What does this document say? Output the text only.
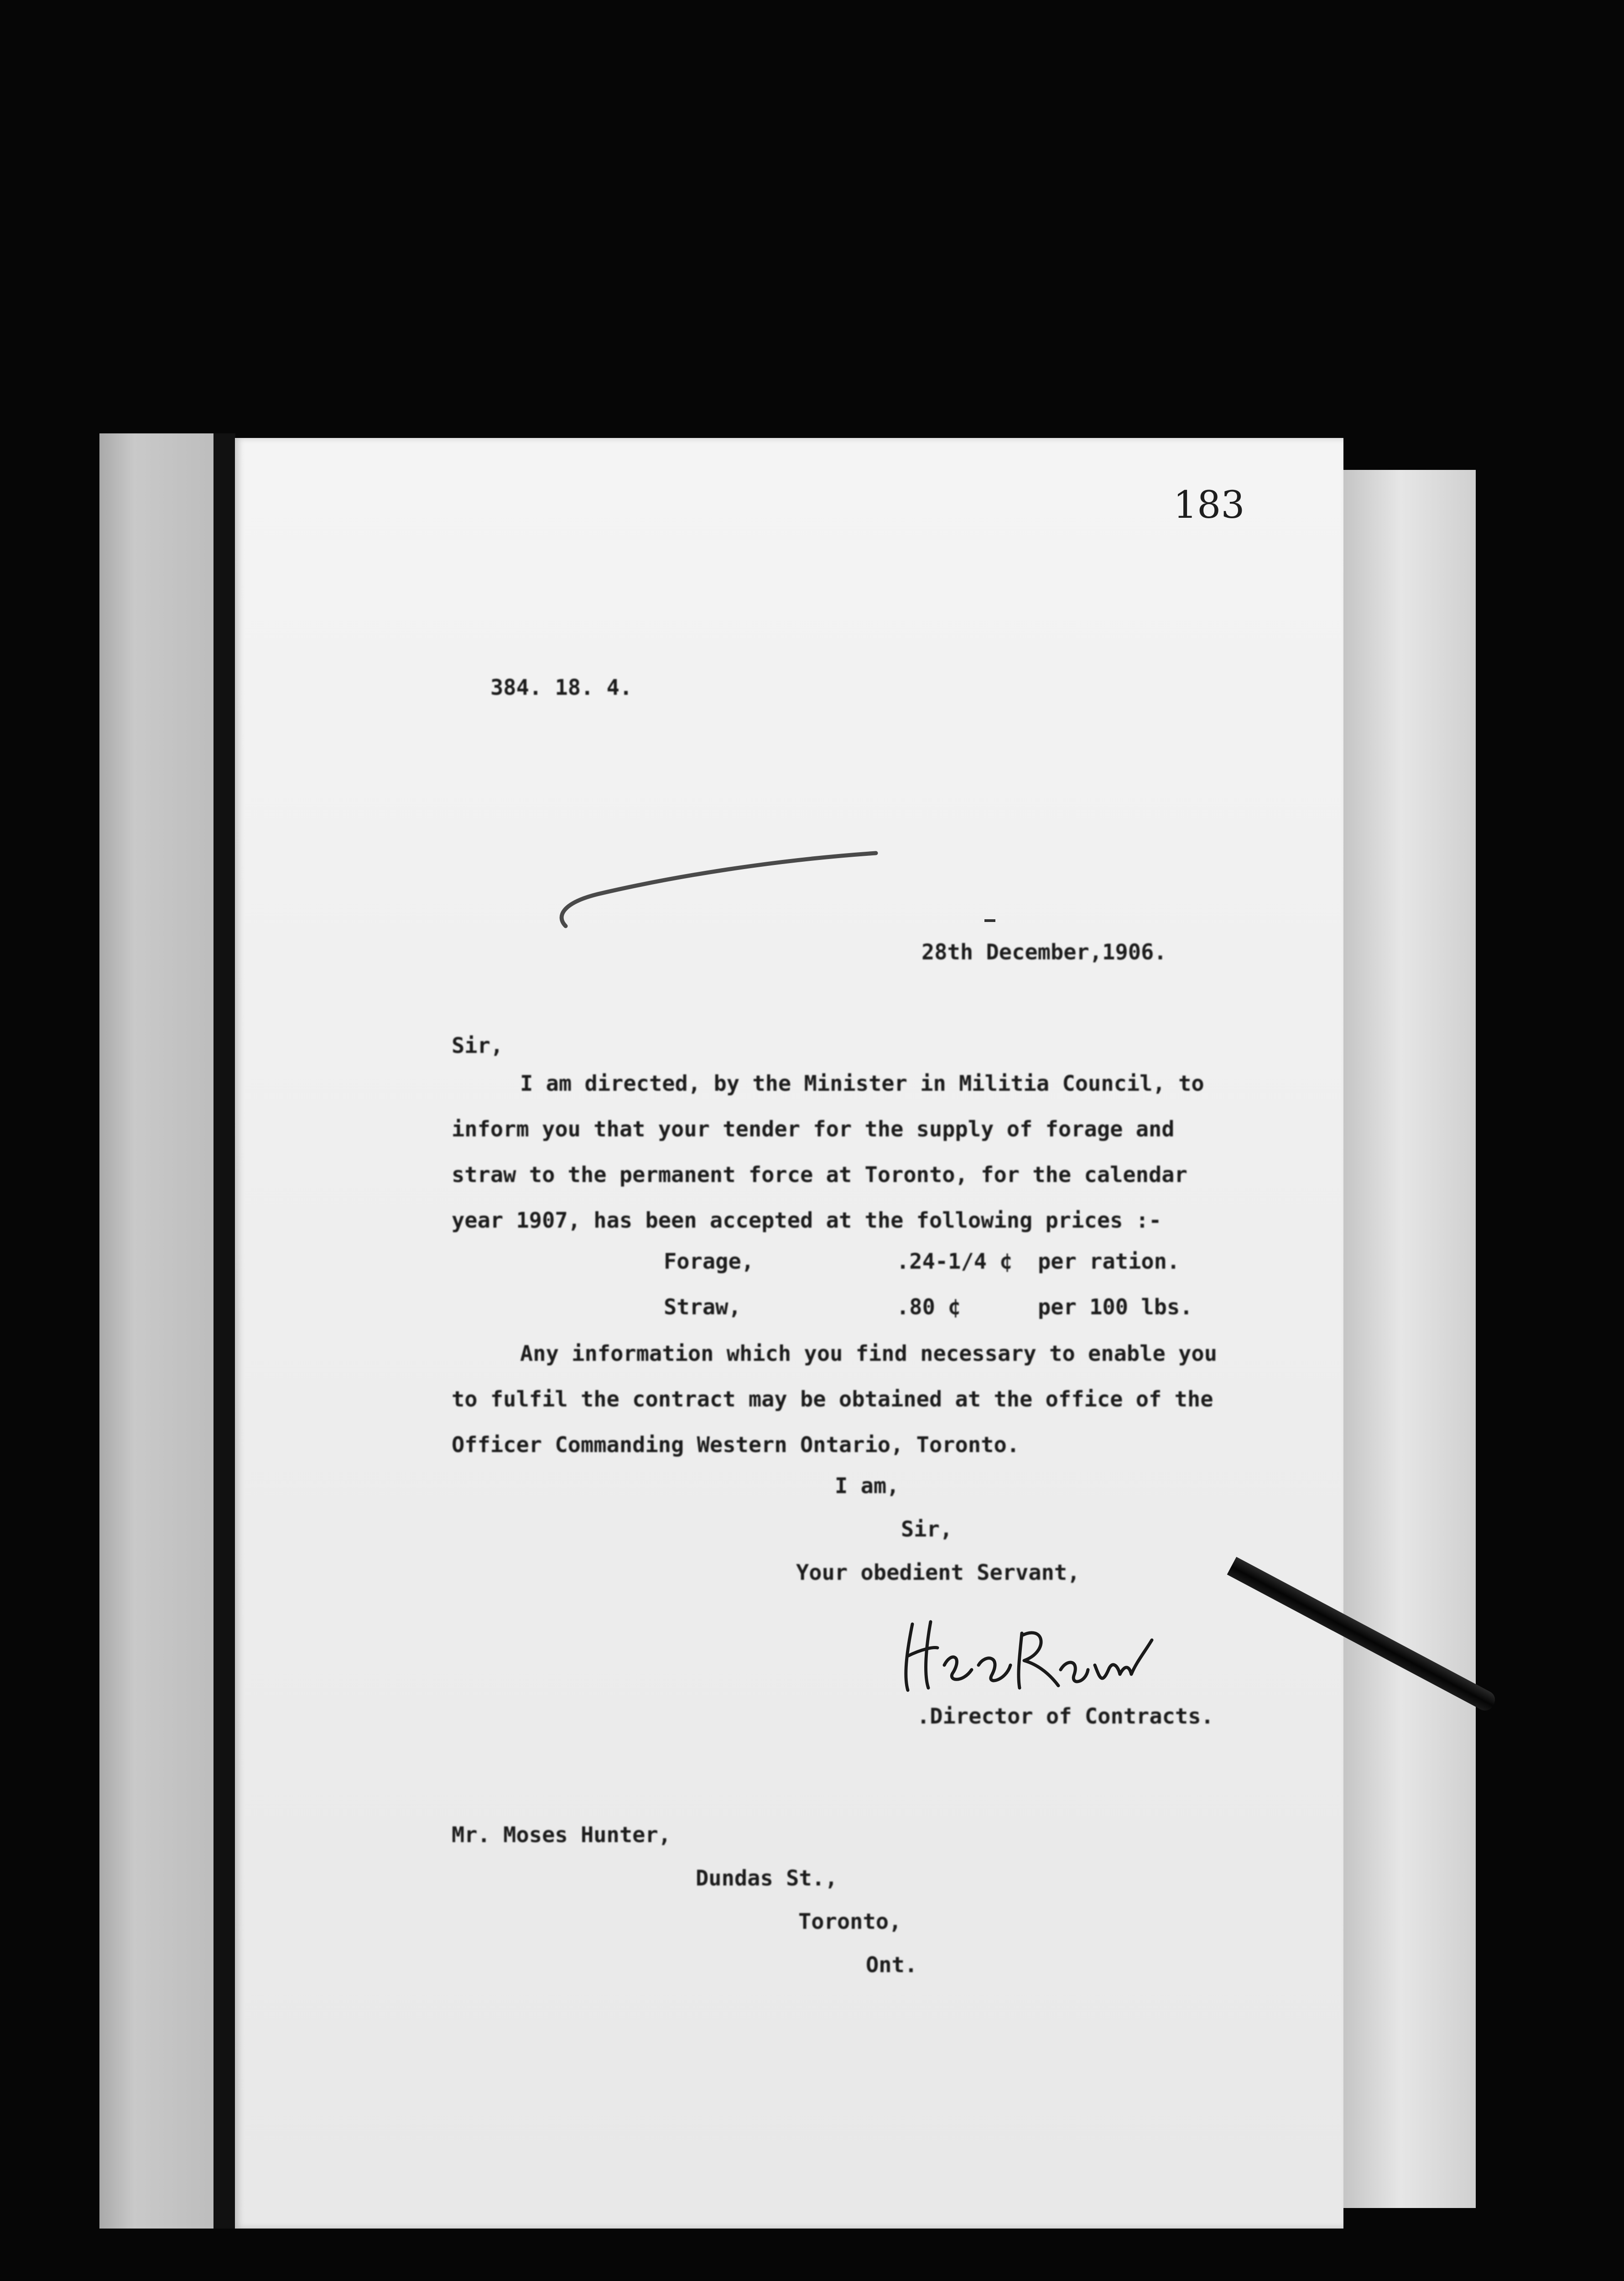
183
384. 18. 4.
28th December,1906.
Sir,
I am directed, by the Minister in Militia Council, to
inform you that your tender for the supply of forage and
straw to the permanent force at Toronto, for the calendar
year 1907, has been accepted at the following prices :-
Forage,	.24-1/4 ¢ per ration.
Straw,	.80 ¢	per 100 lbs.
Any information which you find necessary to enable you
to fulfil the contract may be obtained at the office of the
Officer Commanding Western Ontario, Toronto.
I am,
Sir,
Your obedient Servant,
.Director of Contracts.
Mr. Moses Hunter,
Dundas St.,
Toronto,
Ont.
